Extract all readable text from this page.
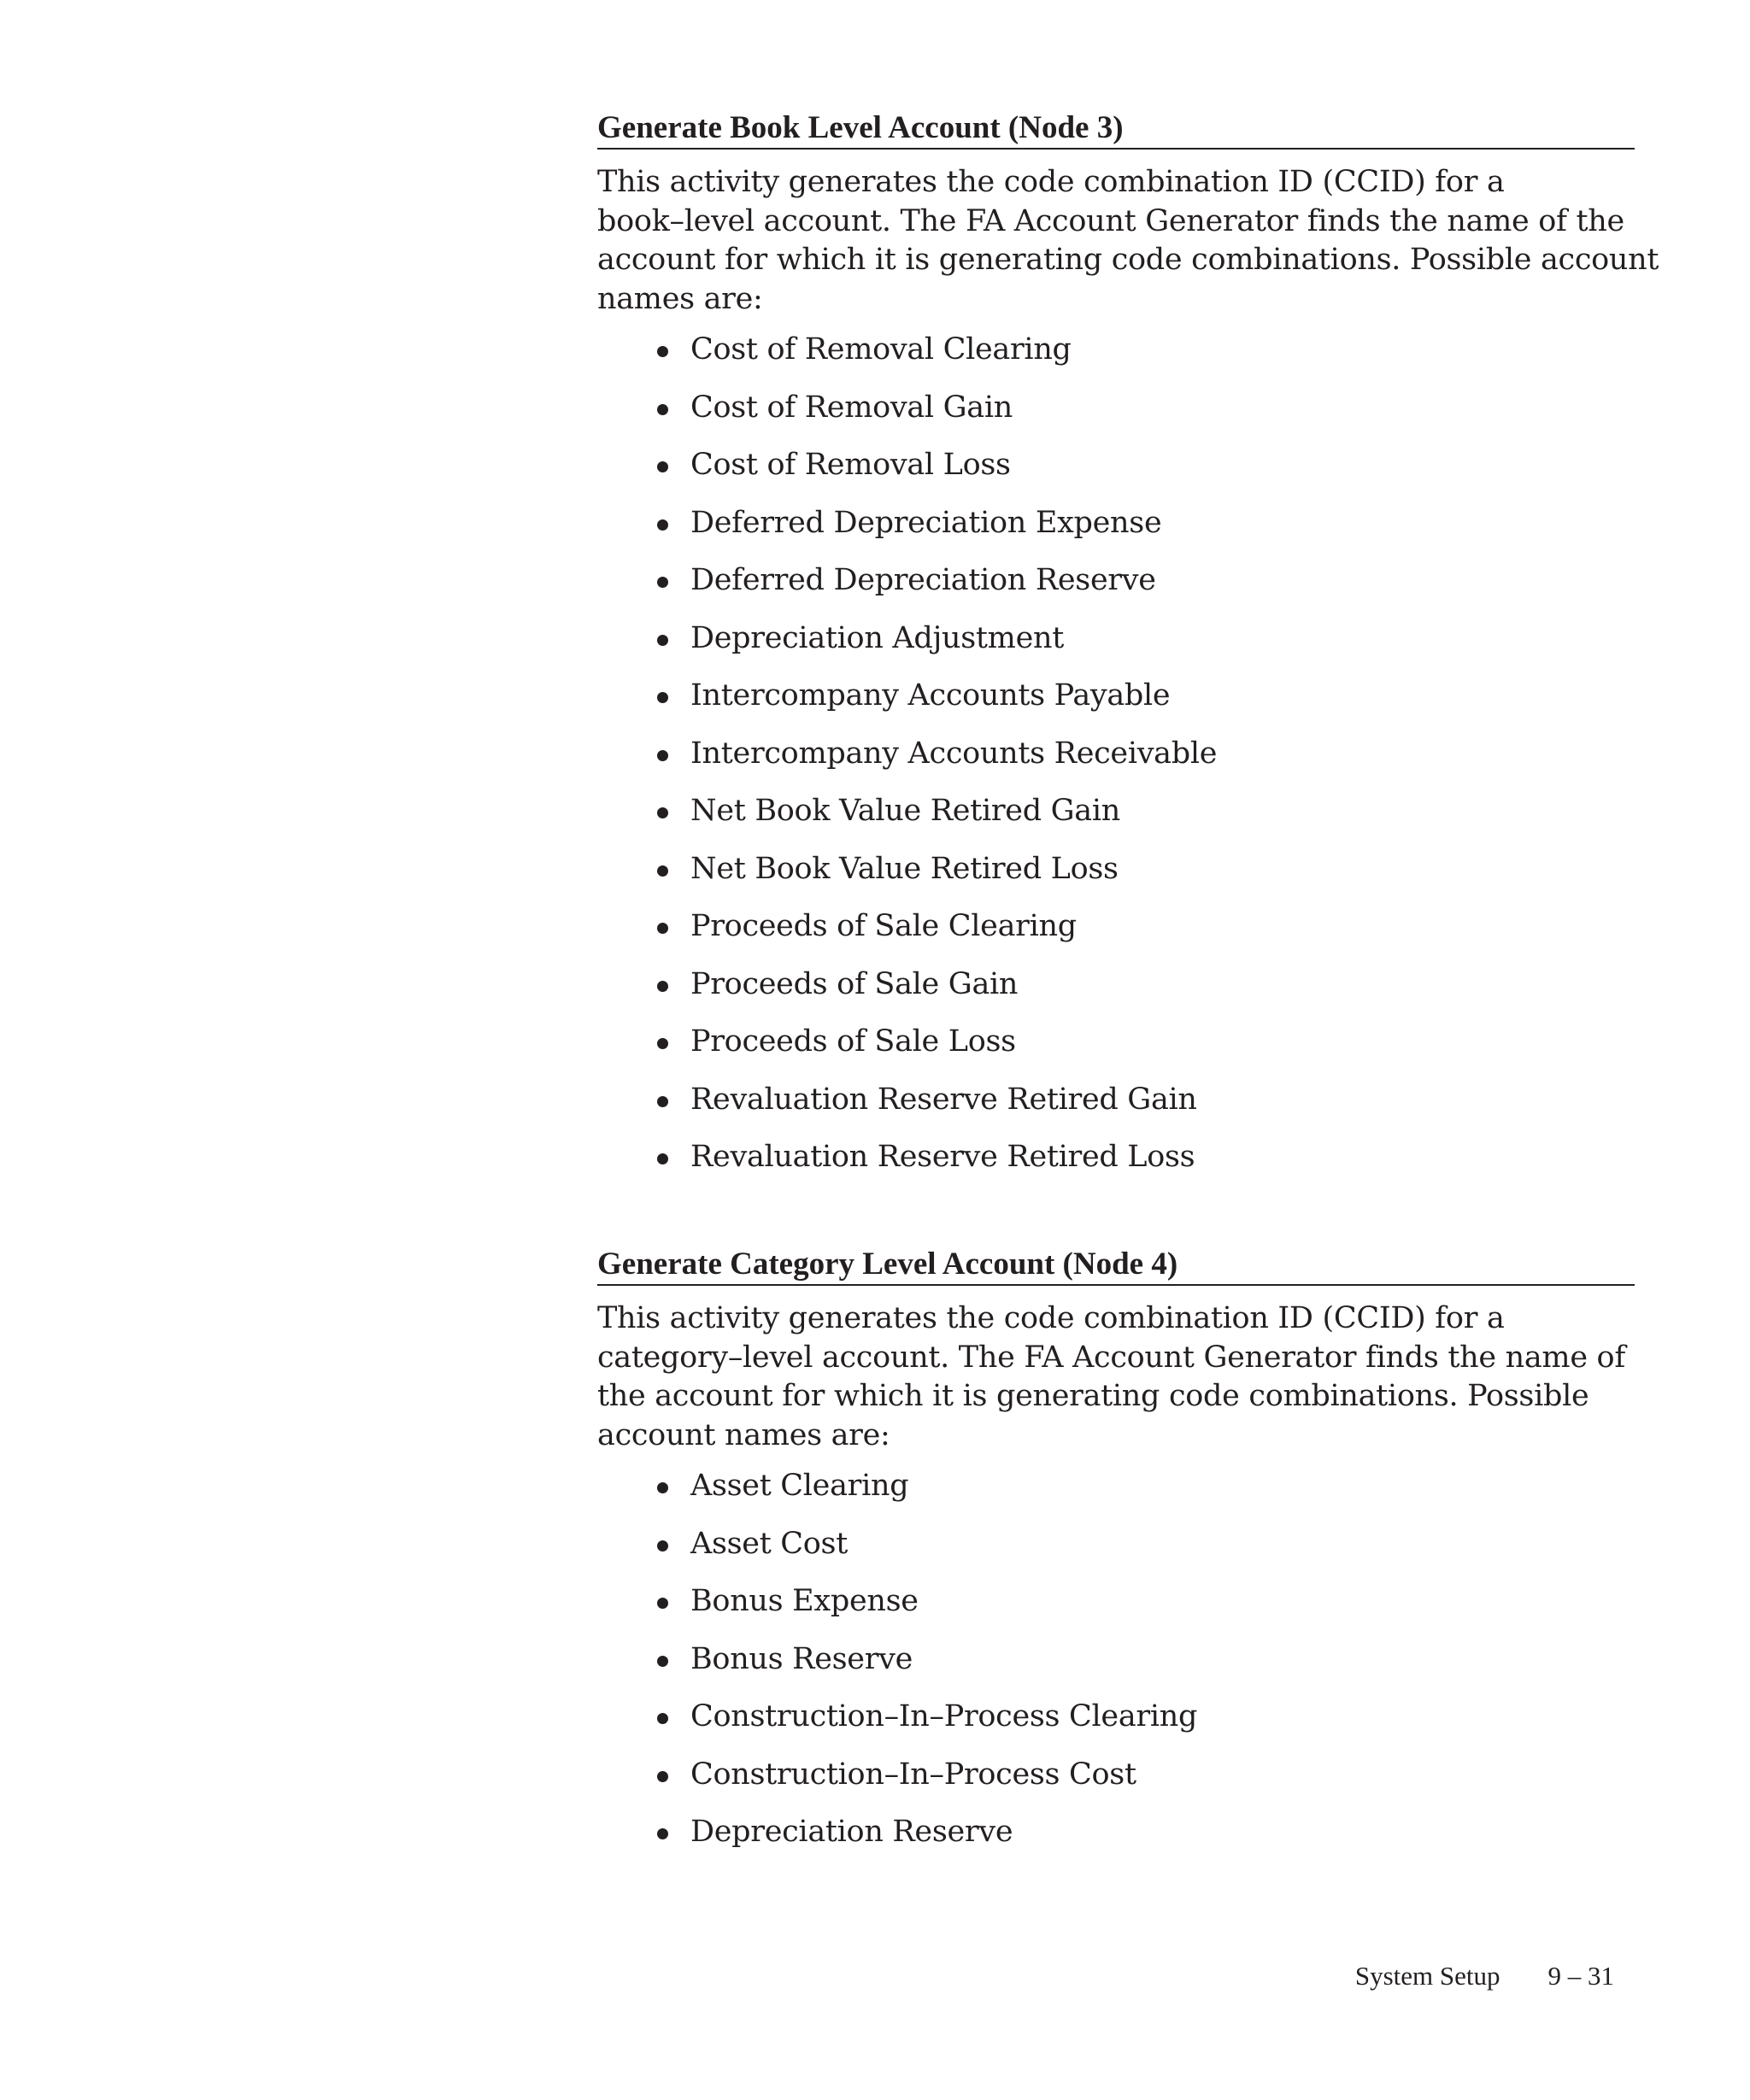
Generate Book Level Account (Node 3)

This activity generates the code combination ID (CCID) for a
book–level account. The FA Account Generator finds the name of the
account for which it is generating code combinations. Possible account
names are:

Cost of Removal Clearing
Cost of Removal Gain
Cost of Removal Loss
Deferred Depreciation Expense
Deferred Depreciation Reserve
Depreciation Adjustment
Intercompany Accounts Payable
Intercompany Accounts Receivable
Net Book Value Retired Gain
Net Book Value Retired Loss
Proceeds of Sale Clearing
Proceeds of Sale Gain
Proceeds of Sale Loss
Revaluation Reserve Retired Gain
Revaluation Reserve Retired Loss
Generate Category Level Account (Node 4)

This activity generates the code combination ID (CCID) for a
category–level account. The FA Account Generator finds the name of
the account for which it is generating code combinations. Possible
account names are:

Asset Clearing
Asset Cost
Bonus Expense
Bonus Reserve
Construction–In–Process Clearing
Construction–In–Process Cost
Depreciation Reserve
System Setup 9 – 31
